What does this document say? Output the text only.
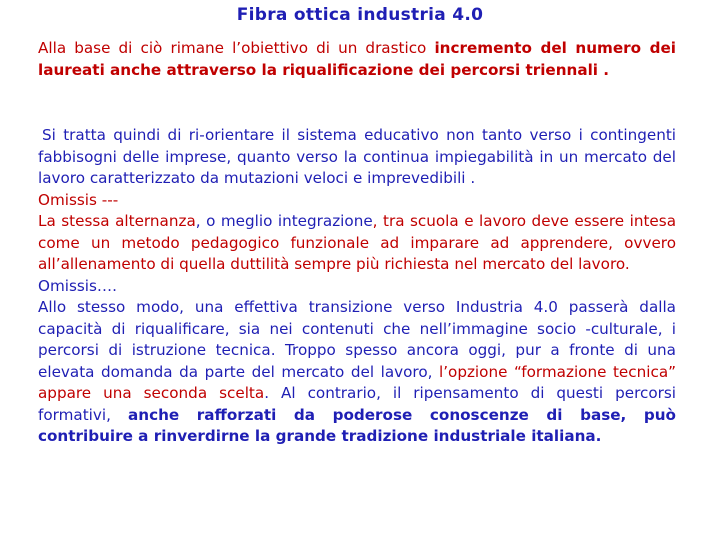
Fibra ottica industria 4.0
Alla base di ciò rimane l’obiettivo di un drastico incremento del numero dei laureati anche attraverso la riqualificazione dei percorsi triennali .
Si tratta quindi di ri-orientare il sistema educativo non tanto verso i contingenti fabbisogni delle imprese, quanto verso la continua impiegabilità in un mercato del lavoro caratterizzato da mutazioni veloci e imprevedibili .
Omissis ---
La stessa alternanza, o meglio integrazione, tra scuola e lavoro deve essere intesa come un metodo pedagogico funzionale ad imparare ad apprendere, ovvero all’allenamento di quella duttilità sempre più richiesta nel mercato del lavoro.
Omissis….
Allo stesso modo, una effettiva transizione verso Industria 4.0 passerà dalla capacità di riqualificare, sia nei contenuti che nell’immagine socio -culturale, i percorsi di istruzione tecnica. Troppo spesso ancora oggi, pur a fronte di una elevata domanda da parte del mercato del lavoro, l’opzione “formazione tecnica” appare una seconda scelta. Al contrario, il ripensamento di questi percorsi formativi, anche rafforzati da poderose conoscenze di base, può contribuire a rinverdirne la grande tradizione industriale italiana.
